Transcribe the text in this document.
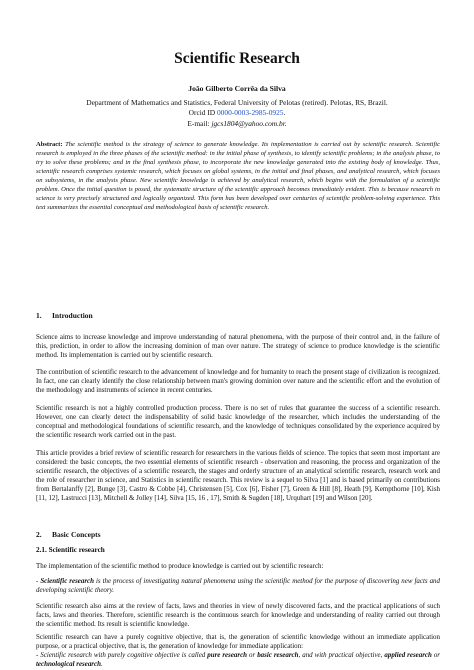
Scientific Research
João Gilberto Corrêa da Silva
Department of Mathematics and Statistics, Federal University of Pelotas (retired). Pelotas, RS, Brazil.
Orcid ID 0000-0003-2985-0925.
E-mail: jgcs1804@yahoo.com.br.
Abstract: The scientific method is the strategy of science to generate knowledge. Its implementation is carried out by scientific research. Scientific research is employed in the three phases of the scientific method: in the initial phase of synthesis, to identify scientific problems; in the analysis phase, to try to solve these problems; and in the final synthesis phase, to incorporate the new knowledge generated into the existing body of knowledge. Thus, scientific research comprises systemic research, which focuses on global systems, in the initial and final phases, and analytical research, which focuses on subsystems, in the analysis phase. New scientific knowledge is achieved by analytical research, which begins with the formulation of a scientific problem. Once the initial question is posed, the systematic structure of the scientific approach becomes immediately evident. This is because research in science is very precisely structured and logically organized. This form has been developed over centuries of scientific problem-solving experience. This text summarizes the essential conceptual and methodological basis of scientific research.
1. Introduction
Science aims to increase knowledge and improve understanding of natural phenomena, with the purpose of their control and, in the failure of this, prediction, in order to allow the increasing dominion of man over nature. The strategy of science to produce knowledge is the scientific method. Its implementation is carried out by scientific research.
The contribution of scientific research to the advancement of knowledge and for humanity to reach the present stage of civilization is recognized. In fact, one can clearly identify the close relationship between man's growing dominion over nature and the scientific effort and the evolution of the methodology and instruments of science in recent centuries.
Scientific research is not a highly controlled production process. There is no set of rules that guarantee the success of a scientific research. However, one can clearly detect the indispensability of solid basic knowledge of the researcher, which includes the understanding of the conceptual and methodological foundations of scientific research, and the knowledge of techniques consolidated by the experience acquired by the scientific research work carried out in the past.
This article provides a brief review of scientific research for researchers in the various fields of science. The topics that seem most important are considered: the basic concepts, the two essential elements of scientific research - observation and reasoning, the process and organization of the scientific research, the objectives of a scientific research, the stages and orderly structure of an analytical scientific research, research work and the role of researcher in science, and Statistics in scientific research. This review is a sequel to Silva [1] and is based primarily on contributions from Bertalanffy [2], Bunge [3], Castro & Cobbe [4], Christensen [5], Cox [6], Fisher [7], Green & Hill [8], Heath [9], Kempthorne [10], Kish [11, 12], Lastrucci [13], Mitchell & Jolley [14], Silva [15, 16 , 17], Smith & Sugden [18], Urquhart [19] and Wilson [20].
2. Basic Concepts
2.1. Scientific research
The implementation of the scientific method to produce knowledge is carried out by scientific research:
- Scientific research is the process of investigating natural phenomena using the scientific method for the purpose of discovering new facts and developing scientific theory.
Scientific research also aims at the review of facts, laws and theories in view of newly discovered facts, and the practical applications of such facts, laws and theories. Therefore, scientific research is the continuous search for knowledge and understanding of reality carried out through the scientific method. Its result is scientific knowledge.
Scientific research can have a purely cognitive objective, that is, the generation of scientific knowledge without an immediate application purpose, or a practical objective, that is, the generation of knowledge for immediate application:
- Scientific research with purely cognitive objective is called pure research or basic research, and with practical objective, applied research or technological research.
